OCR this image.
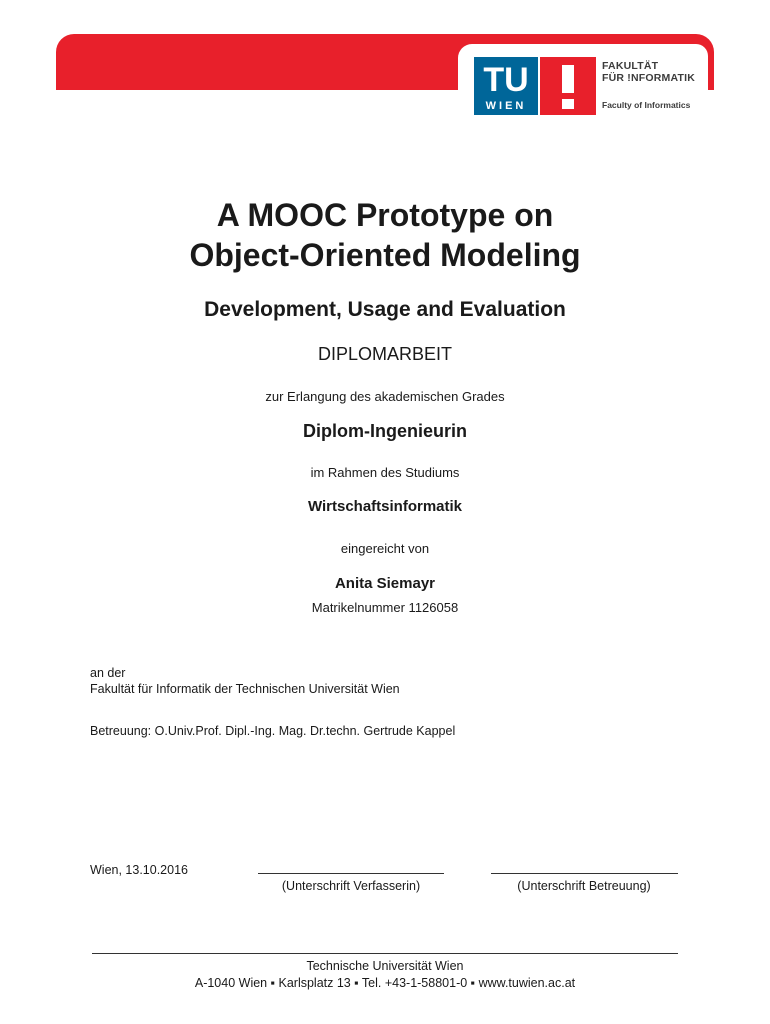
TU
WIEN
FAKULTÄT
FÜR !NFORMATIK
Faculty of Informatics
A MOOC Prototype on
Object-Oriented Modeling
Development, Usage and Evaluation
DIPLOMARBEIT
zur Erlangung des akademischen Grades
Diplom-Ingenieurin
im Rahmen des Studiums
Wirtschaftsinformatik
eingereicht von
Anita Siemayr
Matrikelnummer 1126058
an der
Fakultät für Informatik der Technischen Universität Wien
Betreuung: O.Univ.Prof. Dipl.-Ing. Mag. Dr.techn. Gertrude Kappel
Wien, 13.10.2016
(Unterschrift Verfasserin)	(Unterschrift Betreuung)
Technische Universität Wien
A-1040 Wien ▪ Karlsplatz 13 ▪ Tel. +43-1-58801-0 ▪ www.tuwien.ac.at
